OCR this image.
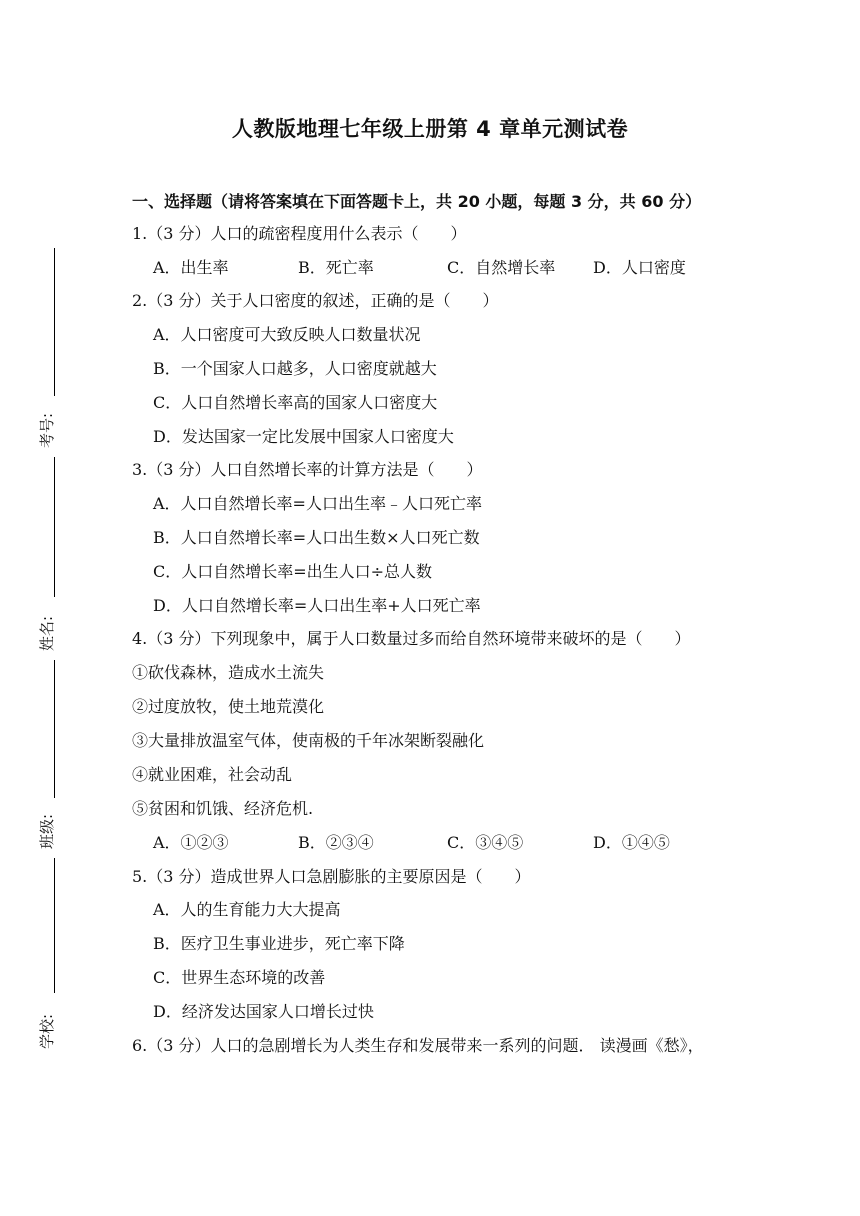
考号:
姓名:
班级:
学校:
人教版地理七年级上册第 4 章单元测试卷
一、选择题（请将答案填在下面答题卡上，共 20 小题，每题 3 分，共 60 分）
1.（3 分）人口的疏密程度用什么表示（　　）
A．出生率	B．死亡率	C．自然增长率 D．人口密度
2.（3 分）关于人口密度的叙述，正确的是（　　）
A．人口密度可大致反映人口数量状况
B．一个国家人口越多，人口密度就越大
C．人口自然增长率高的国家人口密度大
D．发达国家一定比发展中国家人口密度大
3.（3 分）人口自然增长率的计算方法是（　　）
A．人口自然增长率=人口出生率﹣人口死亡率
B．人口自然增长率=人口出生数×人口死亡数
C．人口自然增长率=出生人口÷总人数
D．人口自然增长率=人口出生率+人口死亡率
4.（3 分）下列现象中，属于人口数量过多而给自然环境带来破坏的是（　　）
①砍伐森林，造成水土流失
②过度放牧，使土地荒漠化
③大量排放温室气体，使南极的千年冰架断裂融化
④就业困难，社会动乱
⑤贫困和饥饿、经济危机.
A．①②③	B．②③④	C．③④⑤	D．①④⑤
5.（3 分）造成世界人口急剧膨胀的主要原因是（　　）
A．人的生育能力大大提高
B．医疗卫生事业进步，死亡率下降
C．世界生态环境的改善
D．经济发达国家人口增长过快
6.（3 分）人口的急剧增长为人类生存和发展带来一系列的问题． 读漫画《愁》，
